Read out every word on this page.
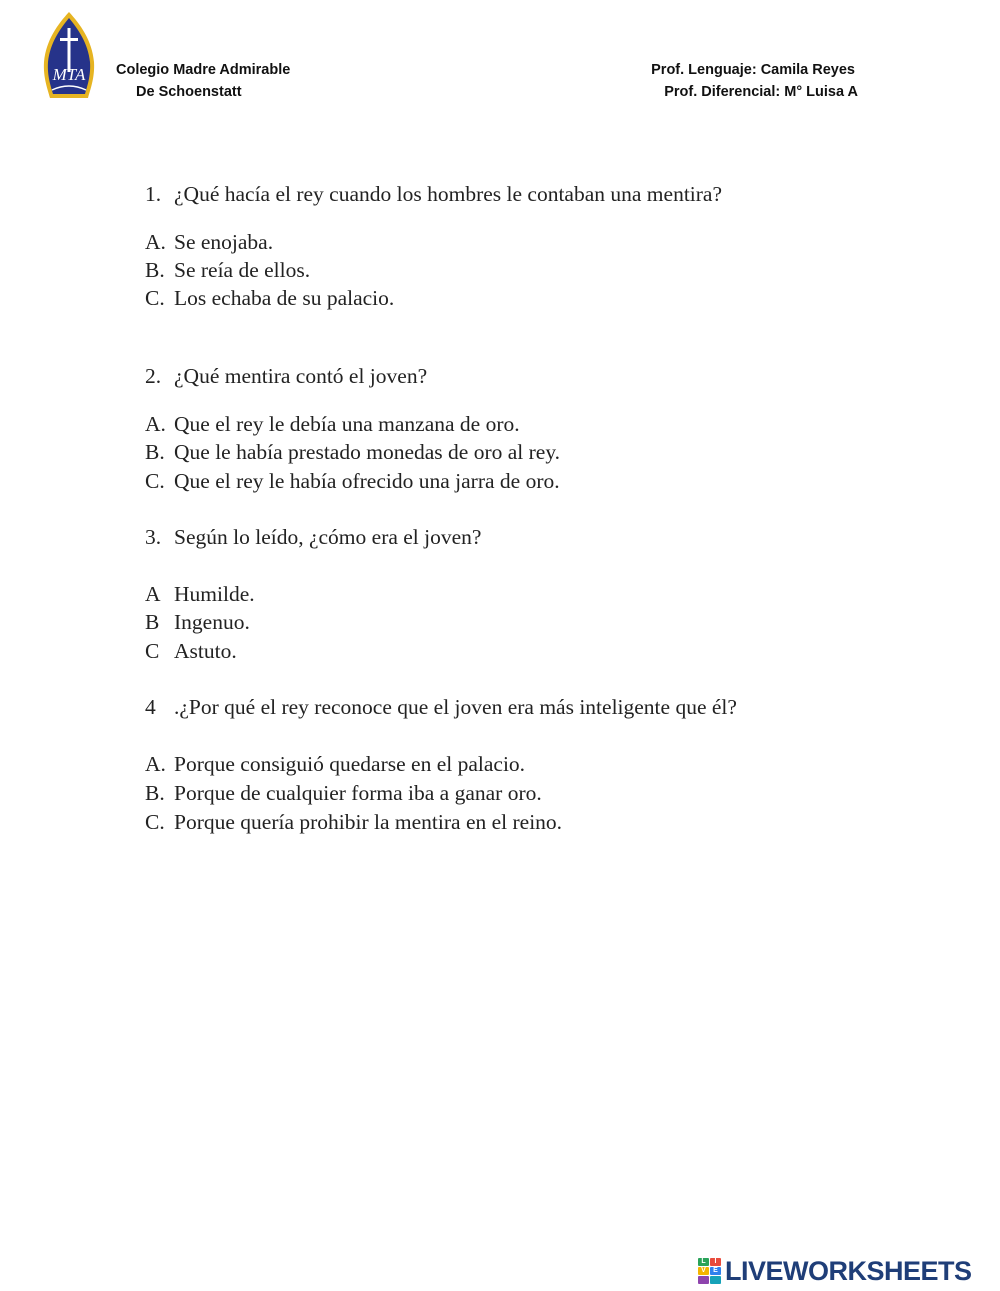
MTA Colegio Madre Admirable
De Schoenstatt
Prof. Lenguaje: Camila Reyes
Prof. Diferencial: M° Luisa A
1. ¿Qué hacía el rey cuando los hombres le contaban una mentira?
A. Se enojaba.
B. Se reía de ellos.
C. Los echaba de su palacio.
2. ¿Qué mentira contó el joven?
A. Que el rey le debía una manzana de oro.
B. Que le había prestado monedas de oro al rey.
C. Que el rey le había ofrecido una jarra de oro.
3. Según lo leído, ¿cómo era el joven?
A Humilde.
B Ingenuo.
C Astuto.
4 .¿Por qué el rey reconoce que el joven era más inteligente que él?
A. Porque consiguió quedarse en el palacio.
B. Porque de cualquier forma iba a ganar oro.
C. Porque quería prohibir la mentira en el reino.
L	I
V	E LIVEWORKSHEETS
